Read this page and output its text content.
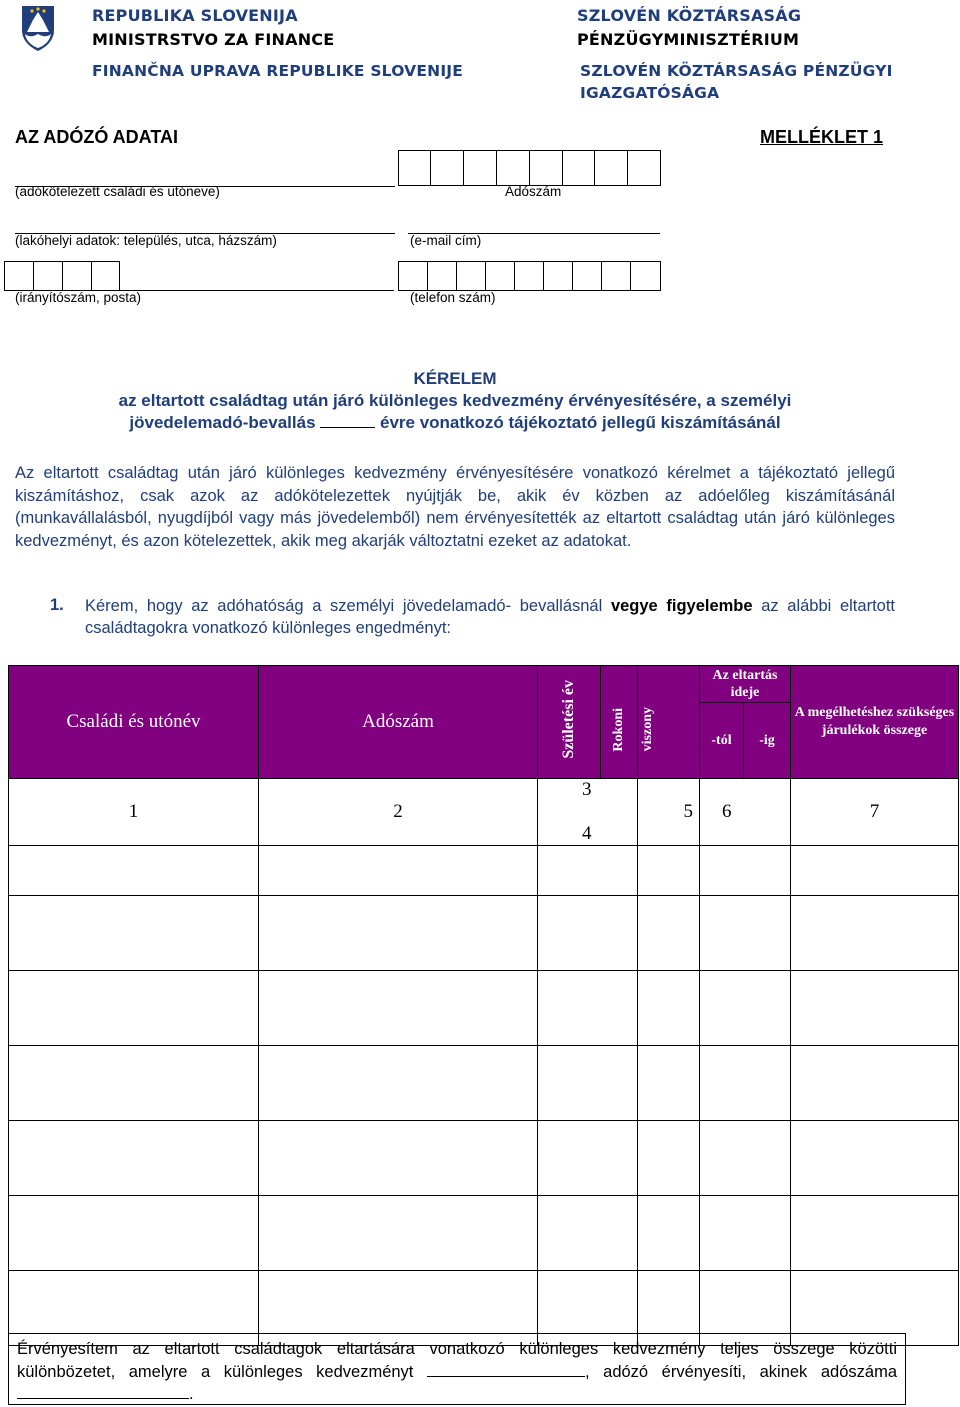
REPUBLIKA SLOVENIJA
MINISTRSTVO ZA FINANCE
FINANČNA UPRAVA REPUBLIKE SLOVENIJE
SZLOVÉN KÖZTÁRSASÁG
PÉNZÜGYMINISZTÉRIUM
SZLOVÉN KÖZTÁRSASÁG PÉNZÜGYI
IGAZGATÓSÁGA
AZ ADÓZÓ ADATAI	MELLÉKLET 1
(adókötelezett családi és utóneve)	Adószám
(lakóhelyi adatok: település, utca, házszám)	(e-mail cím)
(irányítószám, posta)	(telefon szám)
KÉRELEM
az eltartott családtag után járó különleges kedvezmény érvényesítésére, a személyi
jövedelemadó-bevallás	évre vonatkozó tájékoztató jellegű kiszámításánál
Az eltartott családtag után járó különleges kedvezmény érvényesítésére vonatkozó kérelmet a tájékoztató jellegű kiszámításhoz, csak azok az adókötelezettek nyújtják be, akik év közben az adóelőleg kiszámításánál (munkavállalásból, nyugdíjból vagy más jövedelemből) nem érvényesítették az eltartott családtag után járó különleges kedvezményt, és azon kötelezettek, akik meg akarják változtatni ezeket az adatokat.
1. Kérem, hogy az adóhatóság a személyi jövedelamadó- bevallásnál vegye figyelembe az alábbi eltartott családtagokra vonatkozó különleges engedményt:
Családi és utónév	Adószám	Születési év	Rokoni	viszony	Az eltartás ideje		A megélhetéshez szükséges járulékok összege
					-tól	-ig	
1	2	3  4		5	6		7

Érvényesítem az eltartott családtagok eltartására vonatkozó különleges kedvezmény teljes összege közötti különbözetet, amelyre a különleges kedvezményt	, adózó érvényesíti, akinek adószáma .
